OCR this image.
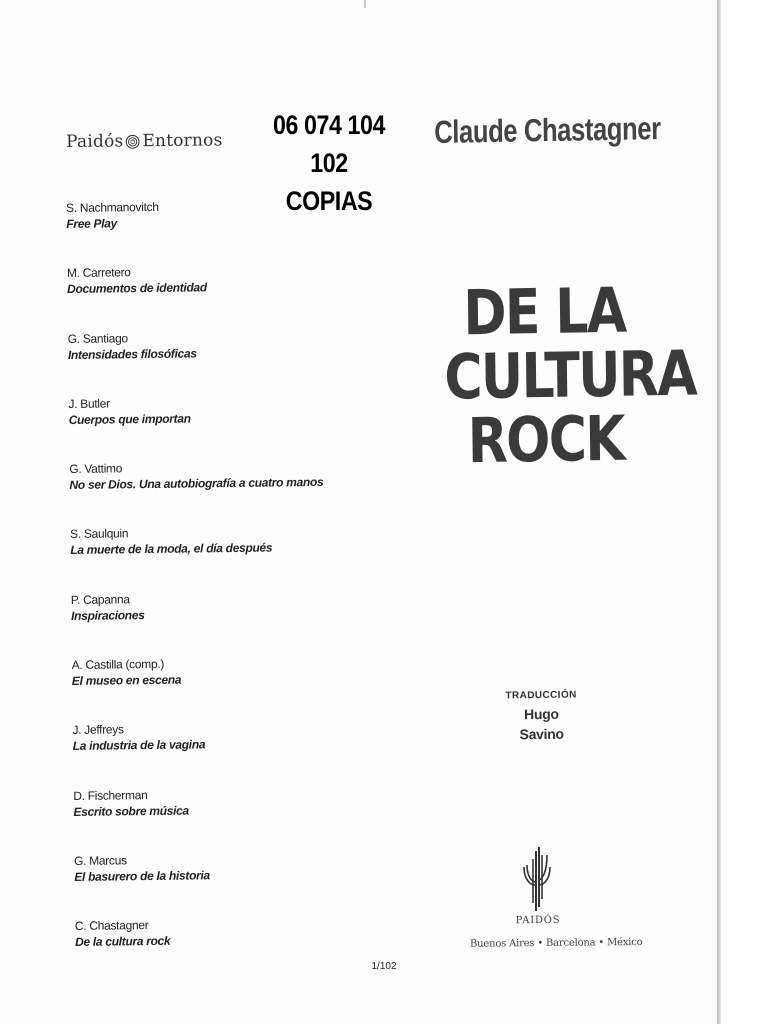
Paidós Entornos
06 074 104
102 COPIAS
S. Nachmanovitch
Free Play
M. Carretero
Documentos de identidad
G. Santiago
Intensidades filosóficas
J. Butler
Cuerpos que importan
G. Vattimo
No ser Dios. Una autobiografía a cuatro manos
S. Saulquin
La muerte de la moda, el día después
P. Capanna
Inspiraciones
A. Castilla (comp.)
El museo en escena
J. Jeffreys
La industria de la vagina
D. Fischerman
Escrito sobre música
G. Marcus
El basurero de la historia
C. Chastagner
De la cultura rock
Claude Chastagner
DE LA
CULTURA
ROCK
TRADUCCIÓN
Hugo Savino
PAIDÓS
Buenos Aires • Barcelona • México
1/102
